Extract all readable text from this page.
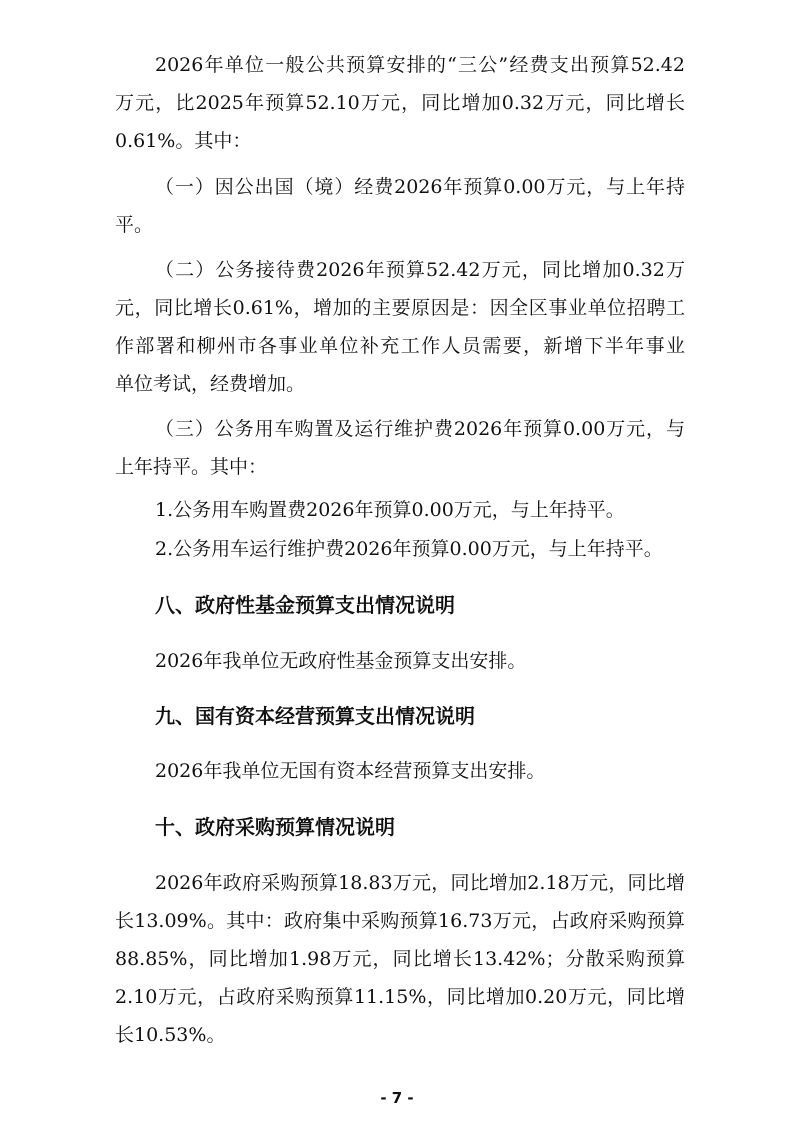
2026年单位一般公共预算安排的“三公”经费支出预算52.42
万元，比2025年预算52.10万元，同比增加0.32万元，同比增长
0.61%。其中：
（一）因公出国（境）经费2026年预算0.00万元，与上年持
平。
（二）公务接待费2026年预算52.42万元，同比增加0.32万
元，同比增长0.61%，增加的主要原因是：因全区事业单位招聘工
作部署和柳州市各事业单位补充工作人员需要，新增下半年事业
单位考试，经费增加。
（三）公务用车购置及运行维护费2026年预算0.00万元，与
上年持平。其中：
1.公务用车购置费2026年预算0.00万元，与上年持平。
2.公务用车运行维护费2026年预算0.00万元，与上年持平。
八、政府性基金预算支出情况说明
2026年我单位无政府性基金预算支出安排。
九、国有资本经营预算支出情况说明
2026年我单位无国有资本经营预算支出安排。
十、政府采购预算情况说明
2026年政府采购预算18.83万元，同比增加2.18万元，同比增
长13.09%。其中：政府集中采购预算16.73万元，占政府采购预算
88.85%，同比增加1.98万元，同比增长13.42%；分散采购预算
2.10万元，占政府采购预算11.15%，同比增加0.20万元，同比增
长10.53%。
- 7 -
